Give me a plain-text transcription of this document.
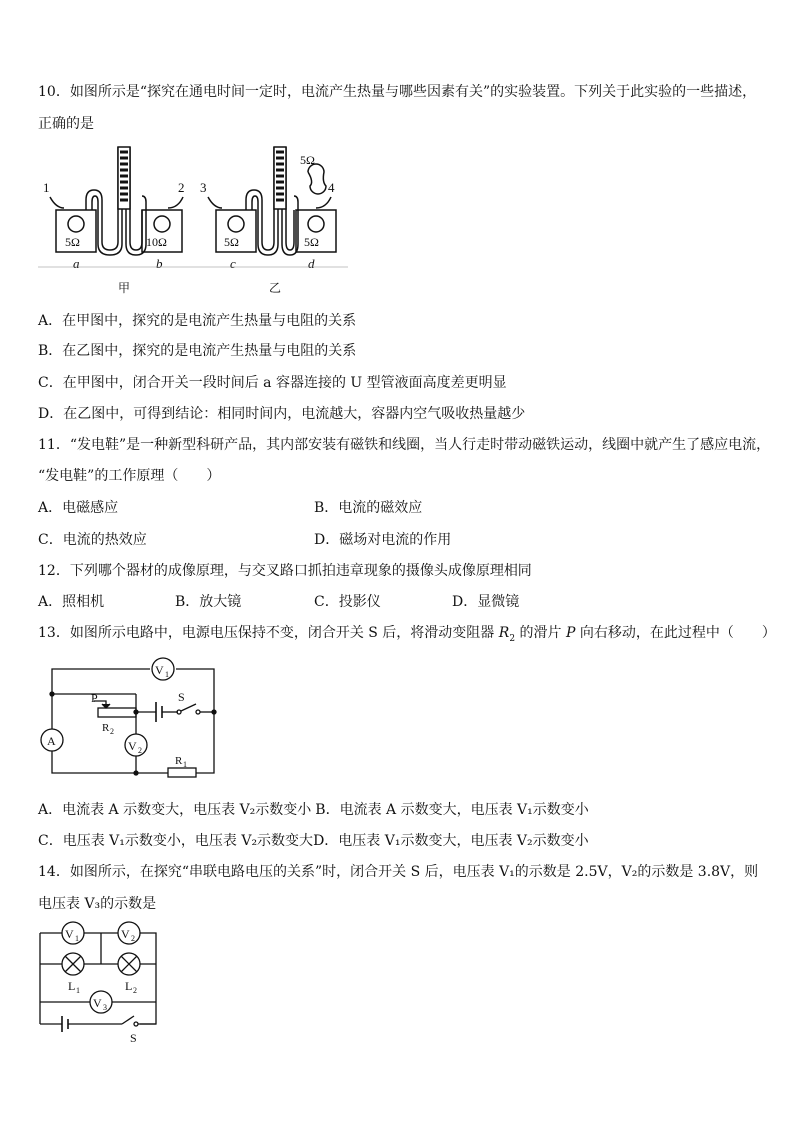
10．如图所示是“探究在通电时间一定时，电流产生热量与哪些因素有关”的实验装置。下列关于此实验的一些描述，
正确的是
1	2
5Ω	10Ω
a	b
甲
3	4
5Ω
5Ω	5Ω
c	d
乙
A．在甲图中，探究的是电流产生热量与电阻的关系
B．在乙图中，探究的是电流产生热量与电阻的关系
C．在甲图中，闭合开关一段时间后 a 容器连接的 U 型管液面高度差更明显
D．在乙图中，可得到结论：相同时间内，电流越大，容器内空气吸收热量越少
11．“发电鞋”是一种新型科研产品，其内部安装有磁铁和线圈，当人行走时带动磁铁运动，线圈中就产生了感应电流，
“发电鞋”的工作原理（　　）
A．电磁感应	B．电流的磁效应
C．电流的热效应	D．磁场对电流的作用
12．下列哪个器材的成像原理，与交叉路口抓拍违章现象的摄像头成像原理相同
A．照相机	B．放大镜	C．投影仪	D．显微镜
13．如图所示电路中，电源电压保持不变，闭合开关 S 后，将滑动变阻器 $R_2$ 的滑片 P 向右移动，在此过程中（　　）
V 1
A
P
R 2
S
V 2
R 1
A．电流表 A 示数变大，电压表 V₂示数变小 B．电流表 A 示数变大，电压表 V₁示数变小
C．电压表 V₁示数变小，电压表 V₂示数变大D．电压表 V₁示数变大，电压表 V₂示数变小
14．如图所示，在探究“串联电路电压的关系”时，闭合开关 S 后，电压表 V₁的示数是 2.5V，V₂的示数是 3.8V，则
电压表 V₃的示数是
V 1	V 2
L 1	L 2
V 3
S
